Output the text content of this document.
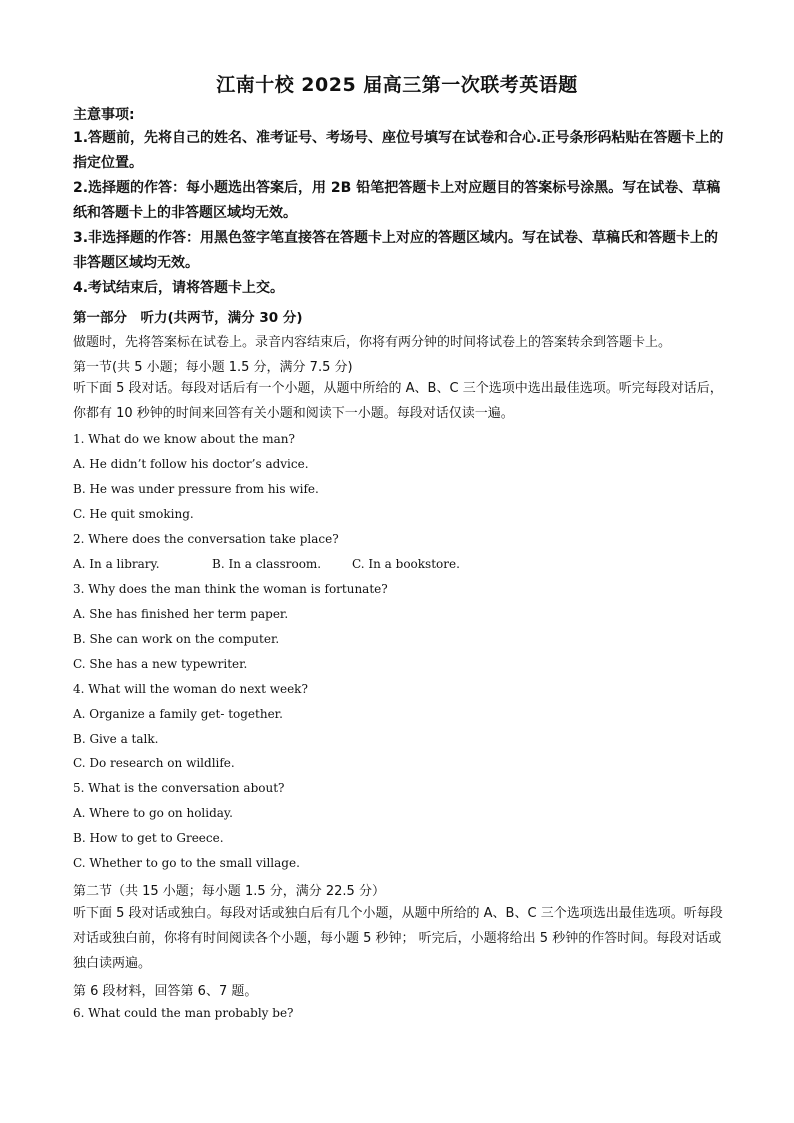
江南十校 2025 届高三第一次联考英语题
主意事项:
1.答题前，先将自己的姓名、准考证号、考场号、座位号填写在试卷和合心.正号条形码粘贴在答题卡上的指定位置。
2.选择题的作答：每小题选出答案后，用 2B 铅笔把答题卡上对应题目的答案标号涂黑。写在试卷、草稿纸和答题卡上的非答题区域均无效。
3.非选择题的作答：用黑色签字笔直接答在答题卡上对应的答题区域内。写在试卷、草稿氏和答题卡上的非答题区域均无效。
4.考试结束后，请将答题卡上交。
第一部分　听力(共两节，满分 30 分)
做题时，先将答案标在试卷上。录音内容结束后，你将有两分钟的时间将试卷上的答案转余到答题卡上。
第一节(共 5 小题；每小题 1.5 分，满分 7.5 分)
听下面 5 段对话。每段对话后有一个小题，从题中所给的 A、B、C 三个选项中选出最佳选项。听完每段对话后，你都有 10 秒钟的时间来回答有关小题和阅读下一小题。每段对话仅读一遍。
1. What do we know about the man?
A. He didn’t follow his doctor’s advice.
B. He was under pressure from his wife.
C. He quit smoking.
2. Where does the conversation take place?
A. In a library.	B. In a classroom.	C. In a bookstore.
3. Why does the man think the woman is fortunate?
A. She has finished her term paper.
B. She can work on the computer.
C. She has a new typewriter.
4. What will the woman do next week?
A. Organize a family get- together.
B. Give a talk.
C. Do research on wildlife.
5. What is the conversation about?
A. Where to go on holiday.
B. How to get to Greece.
C. Whether to go to the small village.
第二节（共 15 小题；每小题 1.5 分，满分 22.5 分）
听下面 5 段对话或独白。每段对话或独白后有几个小题，从题中所给的 A、B、C 三个选项选出最佳选项。听每段对话或独白前，你将有时间阅读各个小题，每小题 5 秒钟； 听完后，小题将给出 5 秒钟的作答时间。每段对话或独白读两遍。
第 6 段材料，回答第 6、7 题。
6. What could the man probably be?
